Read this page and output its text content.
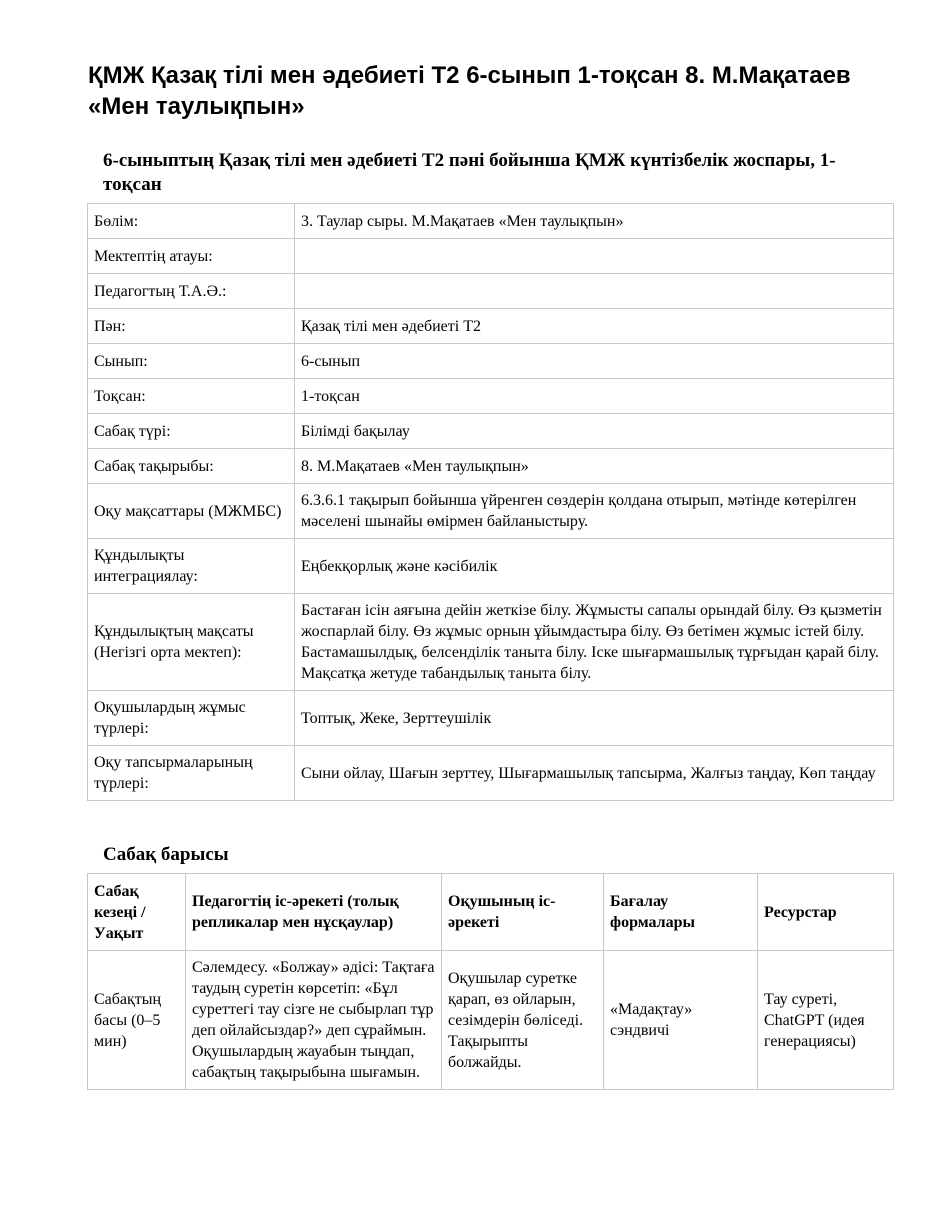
ҚМЖ Қазақ тілі мен әдебиеті Т2 6-сынып 1-тоқсан 8. М.Мақатаев «Мен таулықпын»
6-сыныптың Қазақ тілі мен әдебиеті Т2 пәні бойынша ҚМЖ күнтізбелік жоспары, 1-тоқсан
Бөлім:	3. Таулар сыры. М.Мақатаев «Мен таулықпын»
Мектептің атауы:	
Педагогтың Т.А.Ә.:	
Пән:	Қазақ тілі мен әдебиеті Т2
Сынып:	6-сынып
Тоқсан:	1-тоқсан
Сабақ түрі:	Білімді бақылау
Сабақ тақырыбы:	8. М.Мақатаев «Мен таулықпын»
Оқу мақсаттары (МЖМБС)	6.3.6.1 тақырып бойынша үйренген сөздерін қолдана отырып, мәтінде көтерілген мәселені шынайы өмірмен байланыстыру.
Құндылықты интеграциялау:	Еңбекқорлық және кәсібилік
Құндылықтың мақсаты (Негізгі орта мектеп):	Бастаған ісін аяғына дейін жеткізе білу. Жұмысты сапалы орындай білу. Өз қызметін жоспарлай білу. Өз жұмыс орнын ұйымдастыра білу. Өз бетімен жұмыс істей білу. Бастамашылдық, белсенділік таныта білу. Іске шығармашылық тұрғыдан қарай білу. Мақсатқа жетуде табандылық таныта білу.
Оқушылардың жұмыс түрлері:	Топтық, Жеке, Зерттеушілік
Оқу тапсырмаларының түрлері:	Сыни ойлау, Шағын зерттеу, Шығармашылық тапсырма, Жалғыз таңдау, Көп таңдау
Сабақ барысы
Сабақ кезеңі / Уақыт	Педагогтің іс-әрекеті (толық репликалар мен нұсқаулар)	Оқушының іс-әрекеті	Бағалау формалары	Ресурстар
Сабақтың басы (0–5 мин)	Сәлемдесу. «Болжау» әдісі: Тақтаға таудың суретін көрсетіп: «Бұл суреттегі тау сізге не сыбырлап тұр деп ойлайсыздар?» деп сұраймын. Оқушылардың жауабын тыңдап, сабақтың тақырыбына шығамын.	Оқушылар суретке қарап, өз ойларын, сезімдерін бөліседі. Тақырыпты болжайды.	«Мадақтау» сэндвичі	Тау суреті, ChatGPT (идея генерациясы)
